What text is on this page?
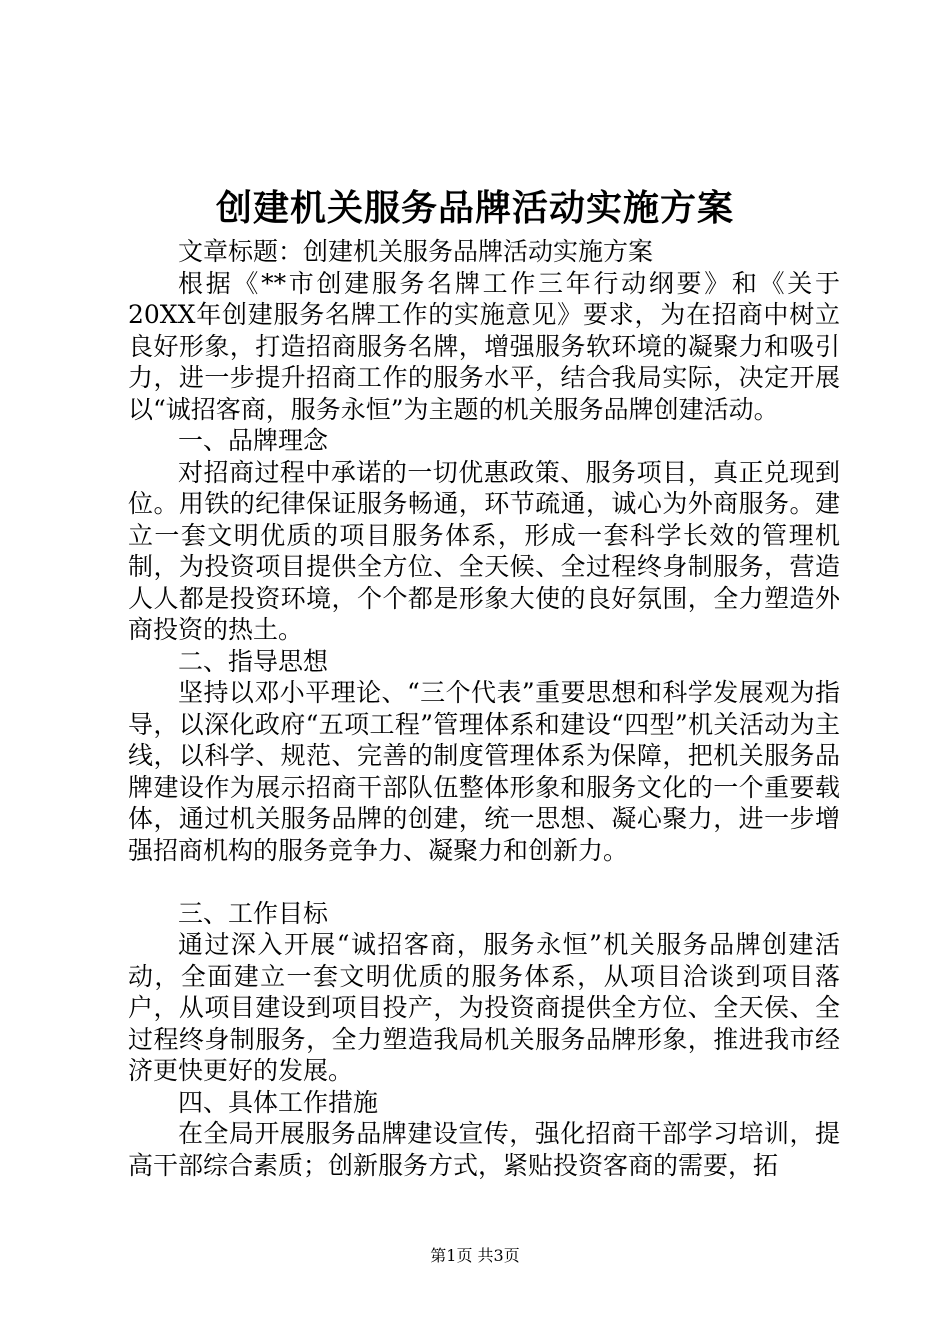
创建机关服务品牌活动实施方案

文章标题：创建机关服务品牌活动实施方案

根据《**市创建服务名牌工作三年行动纲要》和《关于20XX年创建服务名牌工作的实施意见》要求，为在招商中树立良好形象，打造招商服务名牌，增强服务软环境的凝聚力和吸引力，进一步提升招商工作的服务水平，结合我局实际，决定开展以“诚招客商，服务永恒”为主题的机关服务品牌创建活动。

一、品牌理念

对招商过程中承诺的一切优惠政策、服务项目，真正兑现到位。用铁的纪律保证服务畅通，环节疏通，诚心为外商服务。建立一套文明优质的项目服务体系，形成一套科学长效的管理机制，为投资项目提供全方位、全天候、全过程终身制服务，营造人人都是投资环境，个个都是形象大使的良好氛围，全力塑造外商投资的热土。

二、指导思想

坚持以邓小平理论、“三个代表”重要思想和科学发展观为指导，以深化政府“五项工程”管理体系和建设“四型”机关活动为主线，以科学、规范、完善的制度管理体系为保障，把机关服务品牌建设作为展示招商干部队伍整体形象和服务文化的一个重要载体，通过机关服务品牌的创建，统一思想、凝心聚力，进一步增强招商机构的服务竞争力、凝聚力和创新力。

三、工作目标

通过深入开展“诚招客商，服务永恒”机关服务品牌创建活动，全面建立一套文明优质的服务体系，从项目洽谈到项目落户，从项目建设到项目投产，为投资商提供全方位、全天侯、全过程终身制服务，全力塑造我局机关服务品牌形象，推进我市经济更快更好的发展。

四、具体工作措施

在全局开展服务品牌建设宣传，强化招商干部学习培训，提高干部综合素质；创新服务方式，紧贴投资客商的需要，拓

第1页 共3页
